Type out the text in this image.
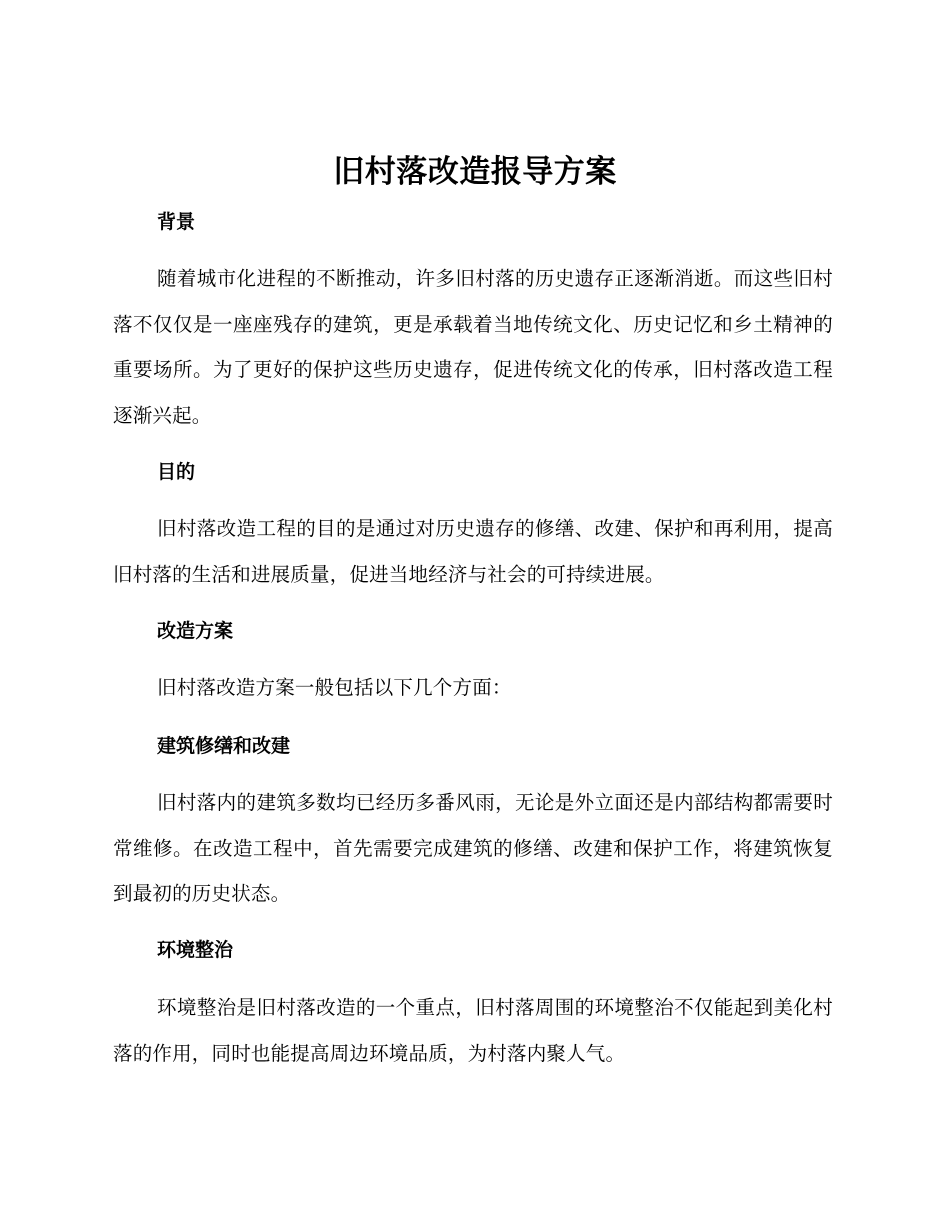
旧村落改造报导方案
背景
随着城市化进程的不断推动，许多旧村落的历史遗存正逐渐消逝。而这些旧村落不仅仅是一座座残存的建筑，更是承载着当地传统文化、历史记忆和乡土精神的重要场所。为了更好的保护这些历史遗存，促进传统文化的传承，旧村落改造工程逐渐兴起。
目的
旧村落改造工程的目的是通过对历史遗存的修缮、改建、保护和再利用，提高旧村落的生活和进展质量，促进当地经济与社会的可持续进展。
改造方案
旧村落改造方案一般包括以下几个方面：
建筑修缮和改建
旧村落内的建筑多数均已经历多番风雨，无论是外立面还是内部结构都需要时常维修。在改造工程中，首先需要完成建筑的修缮、改建和保护工作，将建筑恢复到最初的历史状态。
环境整治
环境整治是旧村落改造的一个重点，旧村落周围的环境整治不仅能起到美化村落的作用，同时也能提高周边环境品质，为村落内聚人气。
